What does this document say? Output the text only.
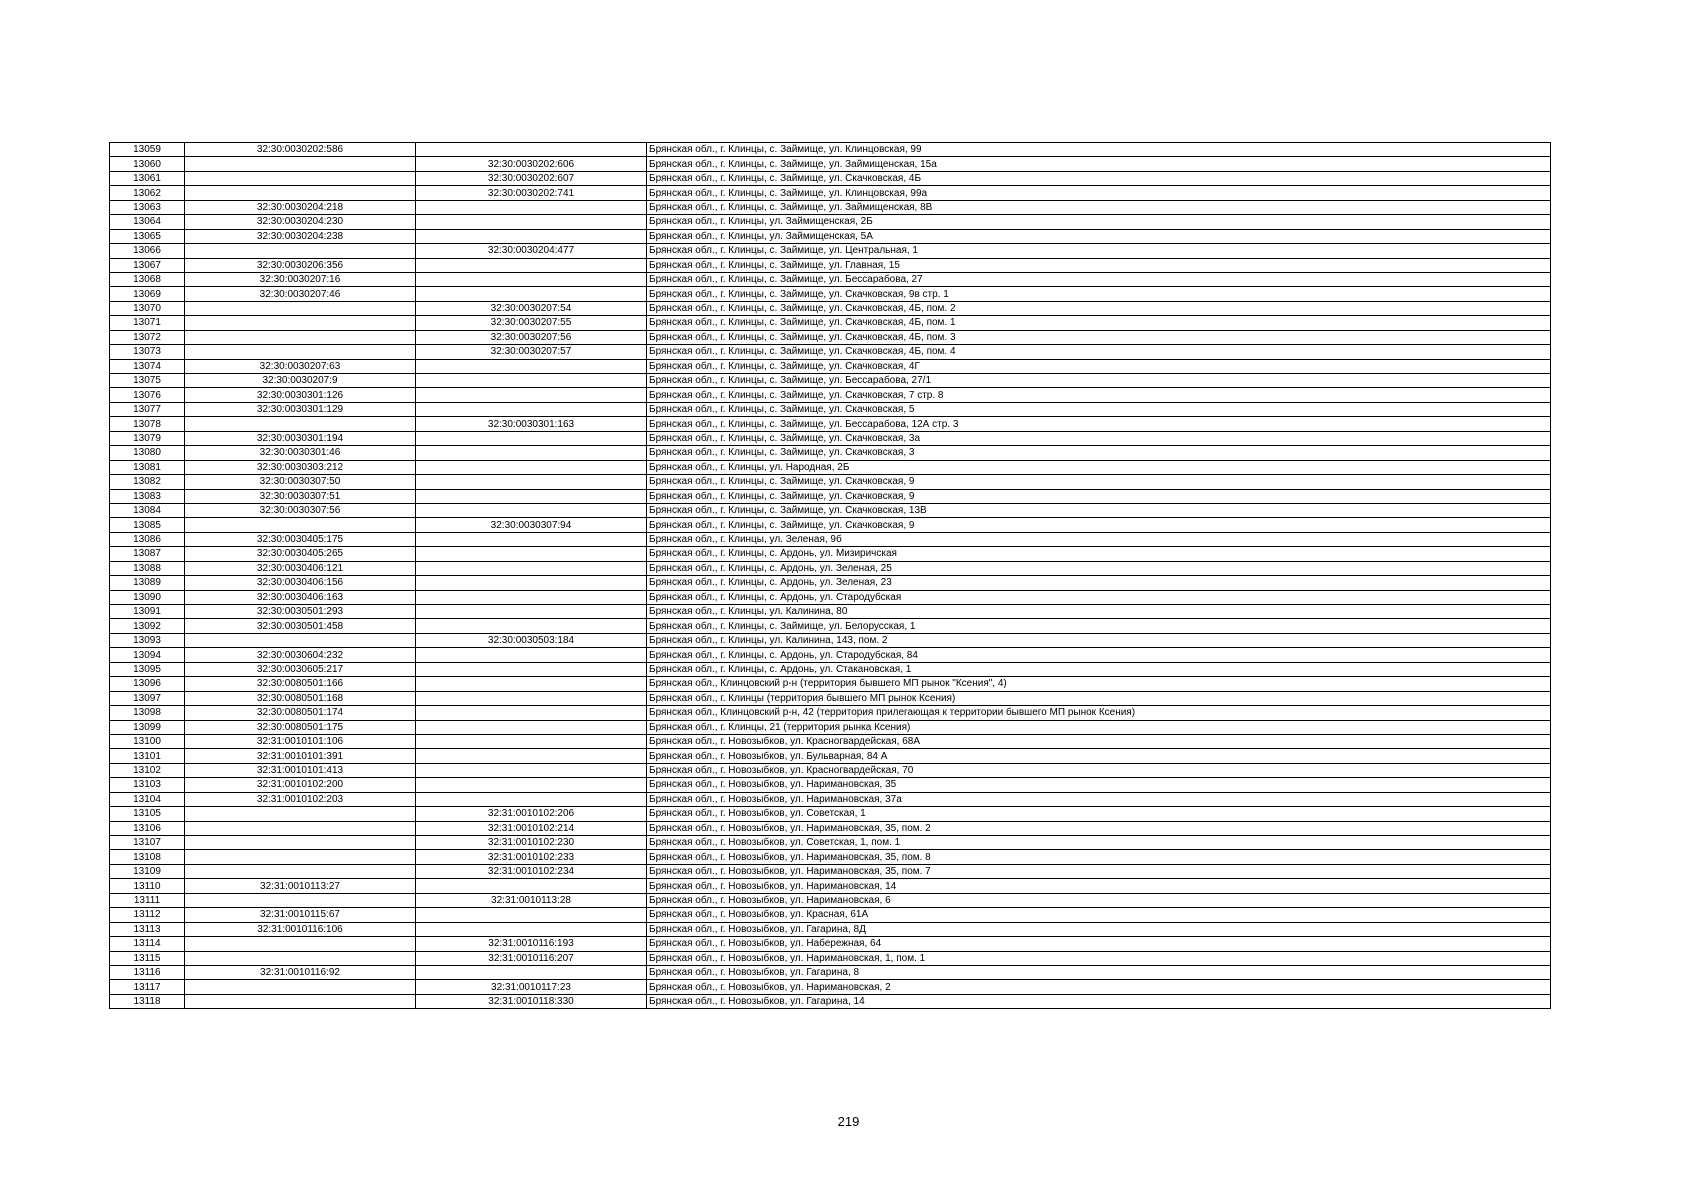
13059	32:30:0030202:586		Брянская обл., г. Клинцы, с. Займище, ул. Клинцовская, 99
13060		32:30:0030202:606	Брянская обл., г. Клинцы, с. Займище, ул. Займищенская, 15а
13061		32:30:0030202:607	Брянская обл., г. Клинцы, с. Займище, ул. Скачковская, 4Б
13062		32:30:0030202:741	Брянская обл., г. Клинцы, с. Займище, ул. Клинцовская, 99а
13063	32:30:0030204:218		Брянская обл., г. Клинцы, с. Займище, ул. Займищенская, 8В
13064	32:30:0030204:230		Брянская обл., г. Клинцы, ул. Займищенская, 2Б
13065	32:30:0030204:238		Брянская обл., г. Клинцы, ул. Займищенская, 5А
13066		32:30:0030204:477	Брянская обл., г. Клинцы, с. Займище, ул. Центральная, 1
13067	32:30:0030206:356		Брянская обл., г. Клинцы, с. Займище, ул. Главная, 15
13068	32:30:0030207:16		Брянская обл., г. Клинцы, с. Займище, ул. Бессарабова, 27
13069	32:30:0030207:46		Брянская обл., г. Клинцы, с. Займище, ул. Скачковская, 9в стр. 1
13070		32:30:0030207:54	Брянская обл., г. Клинцы, с. Займище, ул. Скачковская, 4Б, пом. 2
13071		32:30:0030207:55	Брянская обл., г. Клинцы, с. Займище, ул. Скачковская, 4Б, пом. 1
13072		32:30:0030207:56	Брянская обл., г. Клинцы, с. Займище, ул. Скачковская, 4Б, пом. 3
13073		32:30:0030207:57	Брянская обл., г. Клинцы, с. Займище, ул. Скачковская, 4Б, пом. 4
13074	32:30:0030207:63		Брянская обл., г. Клинцы, с. Займище, ул. Скачковская, 4Г
13075	32:30:0030207:9		Брянская обл., г. Клинцы, с. Займище, ул. Бессарабова, 27/1
13076	32:30:0030301:126		Брянская обл., г. Клинцы, с. Займище, ул. Скачковская, 7 стр. 8
13077	32:30:0030301:129		Брянская обл., г. Клинцы, с. Займище, ул. Скачковская, 5
13078		32:30:0030301:163	Брянская обл., г. Клинцы, с. Займище, ул. Бессарабова, 12А стр. 3
13079	32:30:0030301:194		Брянская обл., г. Клинцы, с. Займище, ул. Скачковская, 3а
13080	32:30:0030301:46		Брянская обл., г. Клинцы, с. Займище, ул. Скачковская, 3
13081	32:30:0030303:212		Брянская обл., г. Клинцы, ул. Народная, 2Б
13082	32:30:0030307:50		Брянская обл., г. Клинцы, с. Займище, ул. Скачковская, 9
13083	32:30:0030307:51		Брянская обл., г. Клинцы, с. Займище, ул. Скачковская, 9
13084	32:30:0030307:56		Брянская обл., г. Клинцы, с. Займище, ул. Скачковская, 13В
13085		32:30:0030307:94	Брянская обл., г. Клинцы, с. Займище, ул. Скачковская, 9
13086	32:30:0030405:175		Брянская обл., г. Клинцы, ул. Зеленая, 9б
13087	32:30:0030405:265		Брянская обл., г. Клинцы, с. Ардонь, ул. Мизиричская
13088	32:30:0030406:121		Брянская обл., г. Клинцы, с. Ардонь, ул. Зеленая, 25
13089	32:30:0030406:156		Брянская обл., г. Клинцы, с. Ардонь, ул. Зеленая, 23
13090	32:30:0030406:163		Брянская обл., г. Клинцы, с. Ардонь, ул. Стародубская
13091	32:30:0030501:293		Брянская обл., г. Клинцы, ул. Калинина, 80
13092	32:30:0030501:458		Брянская обл., г. Клинцы, с. Займище, ул. Белорусская, 1
13093		32:30:0030503:184	Брянская обл., г. Клинцы, ул. Калинина, 143, пом. 2
13094	32:30:0030604:232		Брянская обл., г. Клинцы, с. Ардонь, ул. Стародубская, 84
13095	32:30:0030605:217		Брянская обл., г. Клинцы, с. Ардонь, ул. Стакановская, 1
13096	32:30:0080501:166		Брянская обл., Клинцовский р-н (территория бывшего МП рынок "Ксения", 4)
13097	32:30:0080501:168		Брянская обл., г. Клинцы (территория бывшего МП рынок Ксения)
13098	32:30:0080501:174		Брянская обл., Клинцовский р-н, 42 (территория прилегающая к территории бывшего МП рынок Ксения)
13099	32:30:0080501:175		Брянская обл., г. Клинцы, 21 (территория рынка Ксения)
13100	32:31:0010101:106		Брянская обл., г. Новозыбков, ул. Красногвардейская, 68А
13101	32:31:0010101:391		Брянская обл., г. Новозыбков, ул. Бульварная, 84 А
13102	32:31:0010101:413		Брянская обл., г. Новозыбков, ул. Красногвардейская, 70
13103	32:31:0010102:200		Брянская обл., г. Новозыбков, ул. Наримановская, 35
13104	32:31:0010102:203		Брянская обл., г. Новозыбков, ул. Наримановская, 37а
13105		32:31:0010102:206	Брянская обл., г. Новозыбков, ул. Советская, 1
13106		32:31:0010102:214	Брянская обл., г. Новозыбков, ул. Наримановская, 35, пом. 2
13107		32:31:0010102:230	Брянская обл., г. Новозыбков, ул. Советская, 1, пом. 1
13108		32:31:0010102:233	Брянская обл., г. Новозыбков, ул. Наримановская, 35, пом. 8
13109		32:31:0010102:234	Брянская обл., г. Новозыбков, ул. Наримановская, 35, пом. 7
13110	32:31:0010113:27		Брянская обл., г. Новозыбков, ул. Наримановская, 14
13111		32:31:0010113:28	Брянская обл., г. Новозыбков, ул. Наримановская, 6
13112	32:31:0010115:67		Брянская обл., г. Новозыбков, ул. Красная, 61А
13113	32:31:0010116:106		Брянская обл., г. Новозыбков, ул. Гагарина, 8Д
13114		32:31:0010116:193	Брянская обл., г. Новозыбков, ул. Набережная, 64
13115		32:31:0010116:207	Брянская обл., г. Новозыбков, ул. Наримановская, 1, пом. 1
13116	32:31:0010116:92		Брянская обл., г. Новозыбков, ул. Гагарина, 8
13117		32:31:0010117:23	Брянская обл., г. Новозыбков, ул. Наримановская, 2
13118		32:31:0010118:330	Брянская обл., г. Новозыбков, ул. Гагарина, 14
219
